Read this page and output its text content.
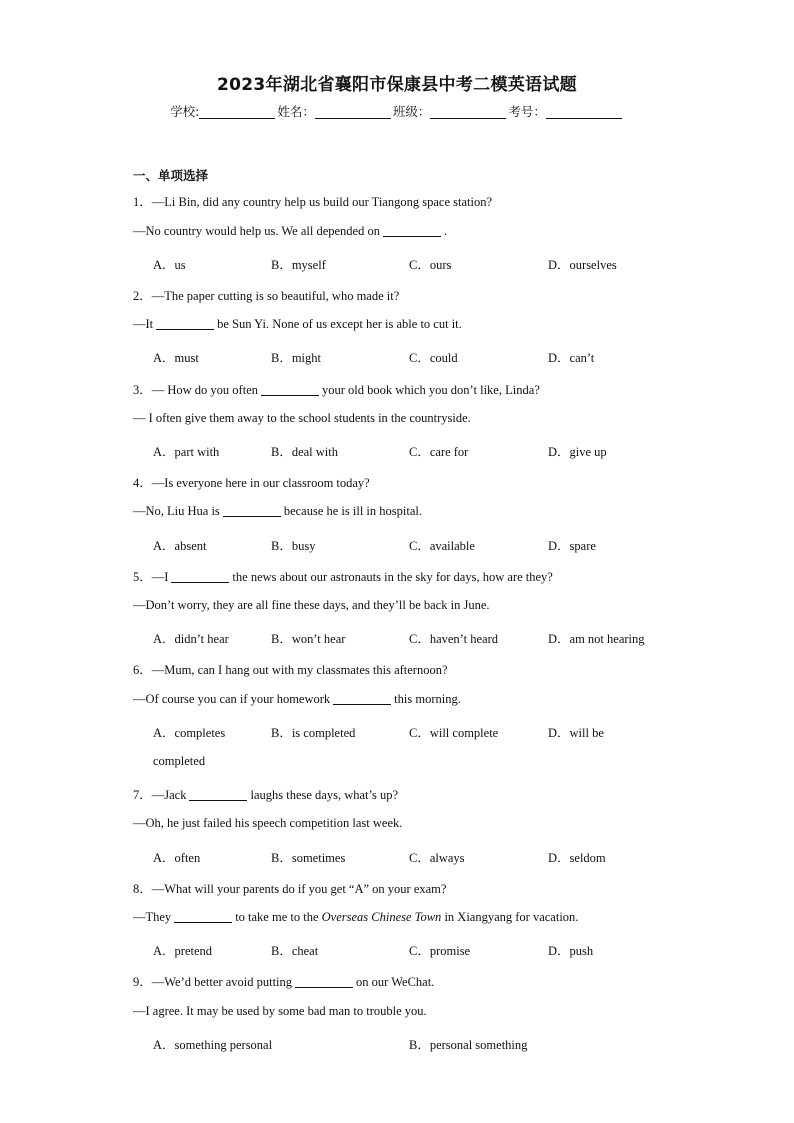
2023年湖北省襄阳市保康县中考二模英语试题
学校:	姓名：	班级：	考号：
一、单项选择
1．—Li Bin, did any country help us build our Tiangong space station?
—No country would help us. We all depended on	.
A．us	B．myself	C．ours	D．ourselves
2．—The paper cutting is so beautiful, who made it?
—It	be Sun Yi. None of us except her is able to cut it.
A．must	B．might	C．could	D．can’t
3．— How do you often	your old book which you don’t like, Linda?
— I often give them away to the school students in the countryside.
A．part with	B．deal with	C．care for	D．give up
4．—Is everyone here in our classroom today?
—No, Liu Hua is	because he is ill in hospital.
A．absent	B．busy	C．available	D．spare
5．—I	the news about our astronauts in the sky for days, how are they?
—Don’t worry, they are all fine these days, and they’ll be back in June.
A．didn’t hear	B．won’t hear	C．haven’t heard	D．am not hearing
6．—Mum, can I hang out with my classmates this afternoon?
—Of course you can if your homework	this morning.
A．completes	B．is completed	C．will complete	D．will be
completed
7．—Jack	laughs these days, what’s up?
—Oh, he just failed his speech competition last week.
A．often	B．sometimes	C．always	D．seldom
8．—What will your parents do if you get “A” on your exam?
—They	to take me to the Overseas Chinese Town in Xiangyang for vacation.
A．pretend	B．cheat	C．promise	D．push
9．—We’d better avoid putting	on our WeChat.
—I agree. It may be used by some bad man to trouble you.
A．something personal	B．personal something
